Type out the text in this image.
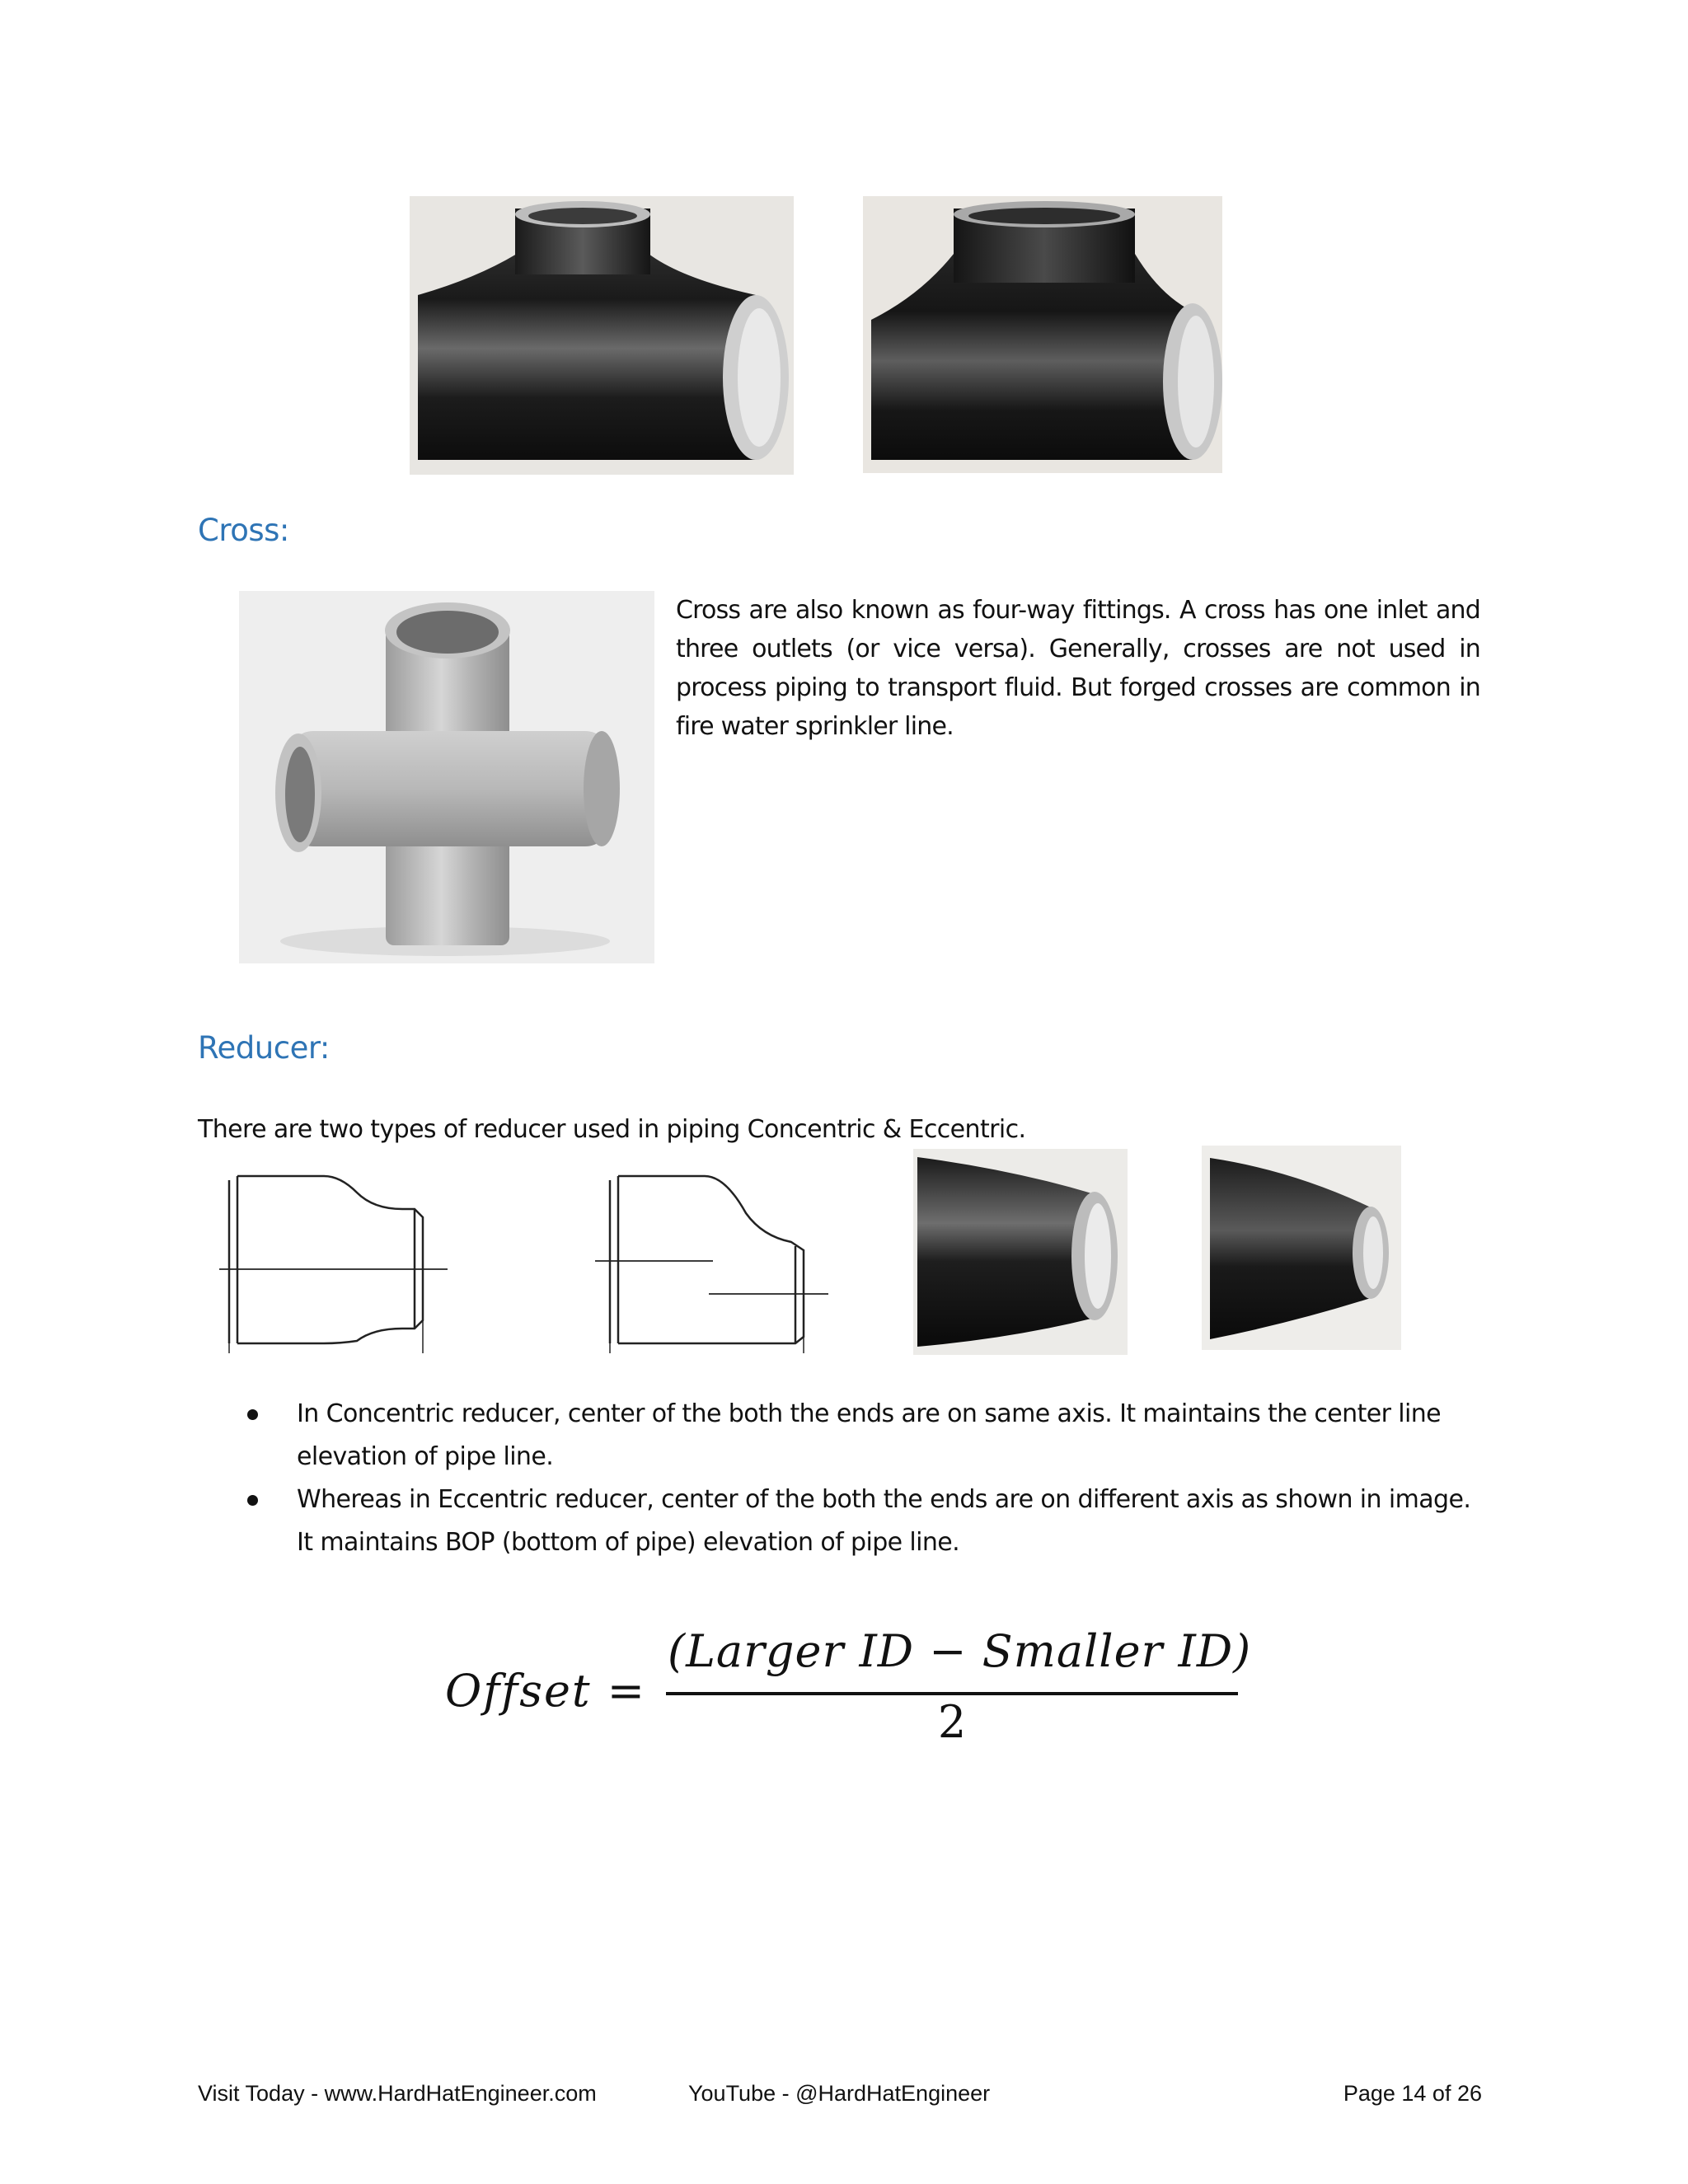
Cross:
Cross are also known as four-way fittings. A cross has one inlet and three outlets (or vice versa). Generally, crosses are not used in process piping to transport fluid. But forged crosses are common in fire water sprinkler line.
Reducer:
There are two types of reducer used in piping Concentric & Eccentric.
In Concentric reducer, center of the both the ends are on same axis. It maintains the center line elevation of pipe line.
Whereas in Eccentric reducer, center of the both the ends are on different axis as shown in image. It maintains BOP (bottom of pipe) elevation of pipe line.
Offset =
(Larger ID − Smaller ID)
2
Visit Today - www.HardHatEngineer.com	YouTube - @HardHatEngineer	Page 14 of 26
